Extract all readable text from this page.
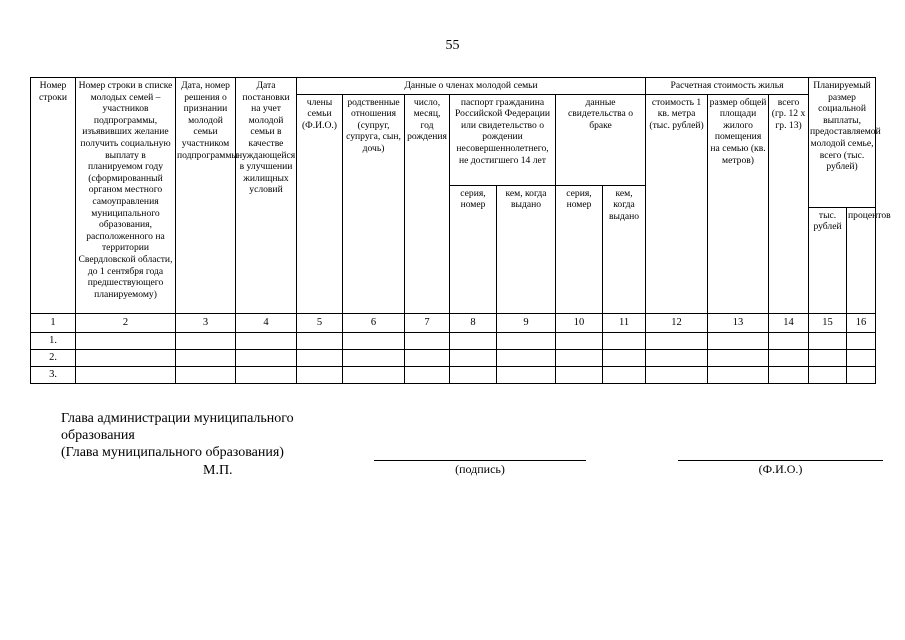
55
Номер строки	Номер строки в списке молодых семей – участников подпрограммы, изъявивших желание получить социальную выплату в планируемом году (сформированный органом местного самоуправления муниципального образования, расположенного на территории Свердловской области, до 1 сентября года предшествующего планируемому)	Дата, номер решения о признании молодой семьи участником подпрограммы	Дата постановки на учет молодой семьи в качестве нуждающейся в улучшении жилищных условий	Данные о членах молодой семьи							Расчетная стоимость жилья			Планируемый размер социальной выплаты, предоставляемой молодой семье, всего (тыс. рублей)	
				члены семьи (Ф.И.О.)	родственные отношения (супруг, супруга, сын, дочь)	число, месяц, год рождения	паспорт гражданина Российской Федерации или свидетельство о рождении несовершеннолетнего, не достигшего 14 лет		данные свидетельства о браке		стоимость 1 кв. метра (тыс. рублей)	размер общей площади жилого помещения на семью (кв. метров)	всего (гр. 12 х гр. 13)		
							серия, номер	кем, когда выдано	серия, номер	кем, когда выдано					
														тыс. рублей	процентов
1	2	3	4	5	6	7	8	9	10	11	12	13	14	15	16
1.															
2.															
3.															
Глава администрации муниципального
образования
(Глава муниципального образования)
М.П.	(подпись)	(Ф.И.О.)
